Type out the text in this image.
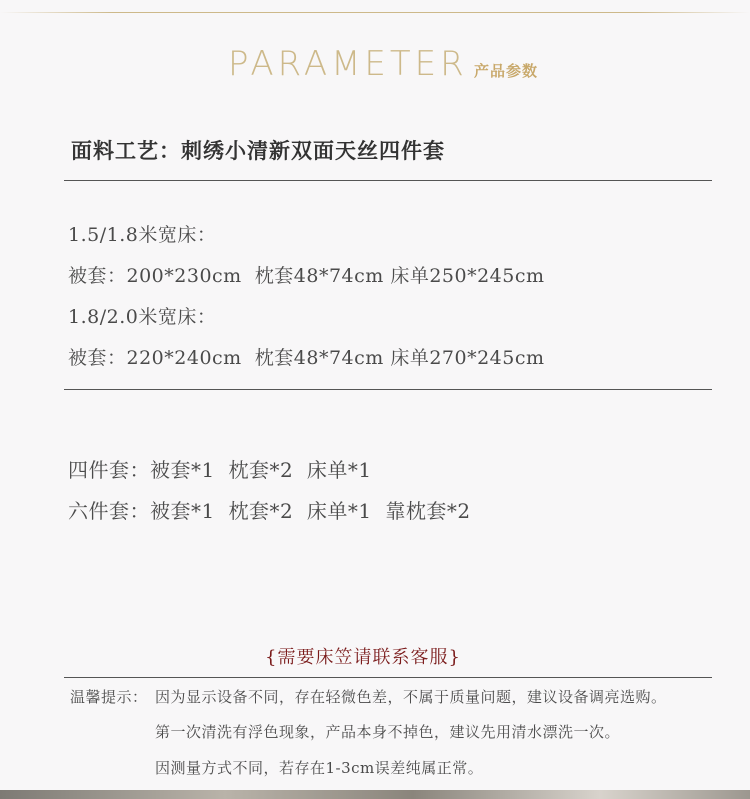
PARAMETER 产品参数
面料工艺：刺绣小清新双面天丝四件套
1.5/1.8米宽床：
被套：200*230cm  枕套48*74cm 床单250*245cm
1.8/2.0米宽床：
被套：220*240cm  枕套48*74cm 床单270*245cm
四件套：被套*1  枕套*2  床单*1
六件套：被套*1  枕套*2  床单*1  靠枕套*2
{需要床笠请联系客服}
温馨提示： 因为显示设备不同，存在轻微色差，不属于质量问题，建议设备调亮选购。
第一次清洗有浮色现象，产品本身不掉色，建议先用清水漂洗一次。
因测量方式不同，若存在1-3cm误差纯属正常。
